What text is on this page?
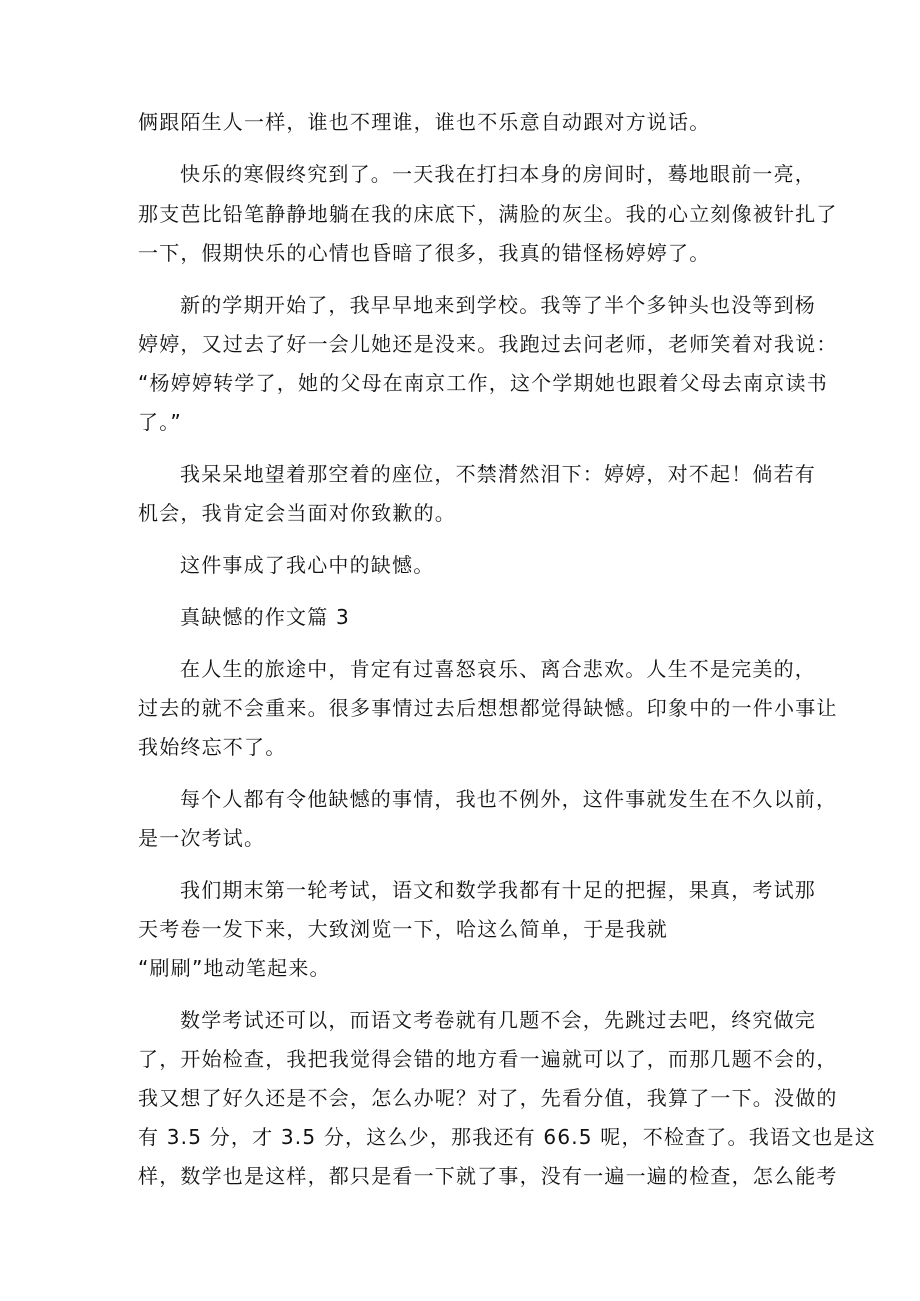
俩跟陌生人一样，谁也不理谁，谁也不乐意自动跟对方说话。
快乐的寒假终究到了。一天我在打扫本身的房间时，蓦地眼前一亮，
那支芭比铅笔静静地躺在我的床底下，满脸的灰尘。我的心立刻像被针扎了
一下，假期快乐的心情也昏暗了很多，我真的错怪杨婷婷了。
新的学期开始了，我早早地来到学校。我等了半个多钟头也没等到杨
婷婷，又过去了好一会儿她还是没来。我跑过去问老师，老师笑着对我说：
“杨婷婷转学了，她的父母在南京工作，这个学期她也跟着父母去南京读书
了。”
我呆呆地望着那空着的座位，不禁潸然泪下：婷婷，对不起！倘若有
机会，我肯定会当面对你致歉的。
这件事成了我心中的缺憾。
真缺憾的作文篇 3
在人生的旅途中，肯定有过喜怒哀乐、离合悲欢。人生不是完美的，
过去的就不会重来。很多事情过去后想想都觉得缺憾。印象中的一件小事让
我始终忘不了。
每个人都有令他缺憾的事情，我也不例外，这件事就发生在不久以前，
是一次考试。
我们期末第一轮考试，语文和数学我都有十足的把握，果真，考试那
天考卷一发下来，大致浏览一下，哈这么简单，于是我就
“刷刷”地动笔起来。
数学考试还可以，而语文考卷就有几题不会，先跳过去吧，终究做完
了，开始检查，我把我觉得会错的地方看一遍就可以了，而那几题不会的，
我又想了好久还是不会，怎么办呢？对了，先看分值，我算了一下。没做的
有 3.5 分，才 3.5 分，这么少，那我还有 66.5 呢，不检查了。我语文也是这
样，数学也是这样，都只是看一下就了事，没有一遍一遍的检查，怎么能考
